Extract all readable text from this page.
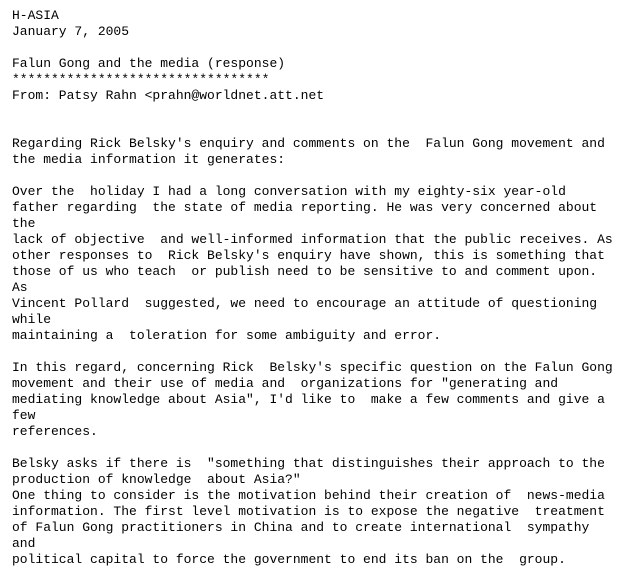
H-ASIA
January 7, 2005
Falun Gong and the media (response)
*********************************
From: Patsy Rahn <prahn@worldnet.att.net
Regarding Rick Belsky's enquiry and comments on the  Falun Gong movement and
the media information it generates:
Over the  holiday I had a long conversation with my eighty-six year-old
father regarding  the state of media reporting. He was very concerned about
the
lack of objective  and well-informed information that the public receives. As
other responses to  Rick Belsky's enquiry have shown, this is something that
those of us who teach  or publish need to be sensitive to and comment upon.
As
Vincent Pollard  suggested, we need to encourage an attitude of questioning
while
maintaining a  toleration for some ambiguity and error.
In this regard, concerning Rick  Belsky's specific question on the Falun Gong
movement and their use of media and  organizations for "generating and
mediating knowledge about Asia", I'd like to  make a few comments and give a
few
references.
Belsky asks if there is  "something that distinguishes their approach to the
production of knowledge  about Asia?"
One thing to consider is the motivation behind their creation of  news-media
information. The first level motivation is to expose the negative  treatment
of Falun Gong practitioners in China and to create international  sympathy
and
political capital to force the government to end its ban on the  group.
